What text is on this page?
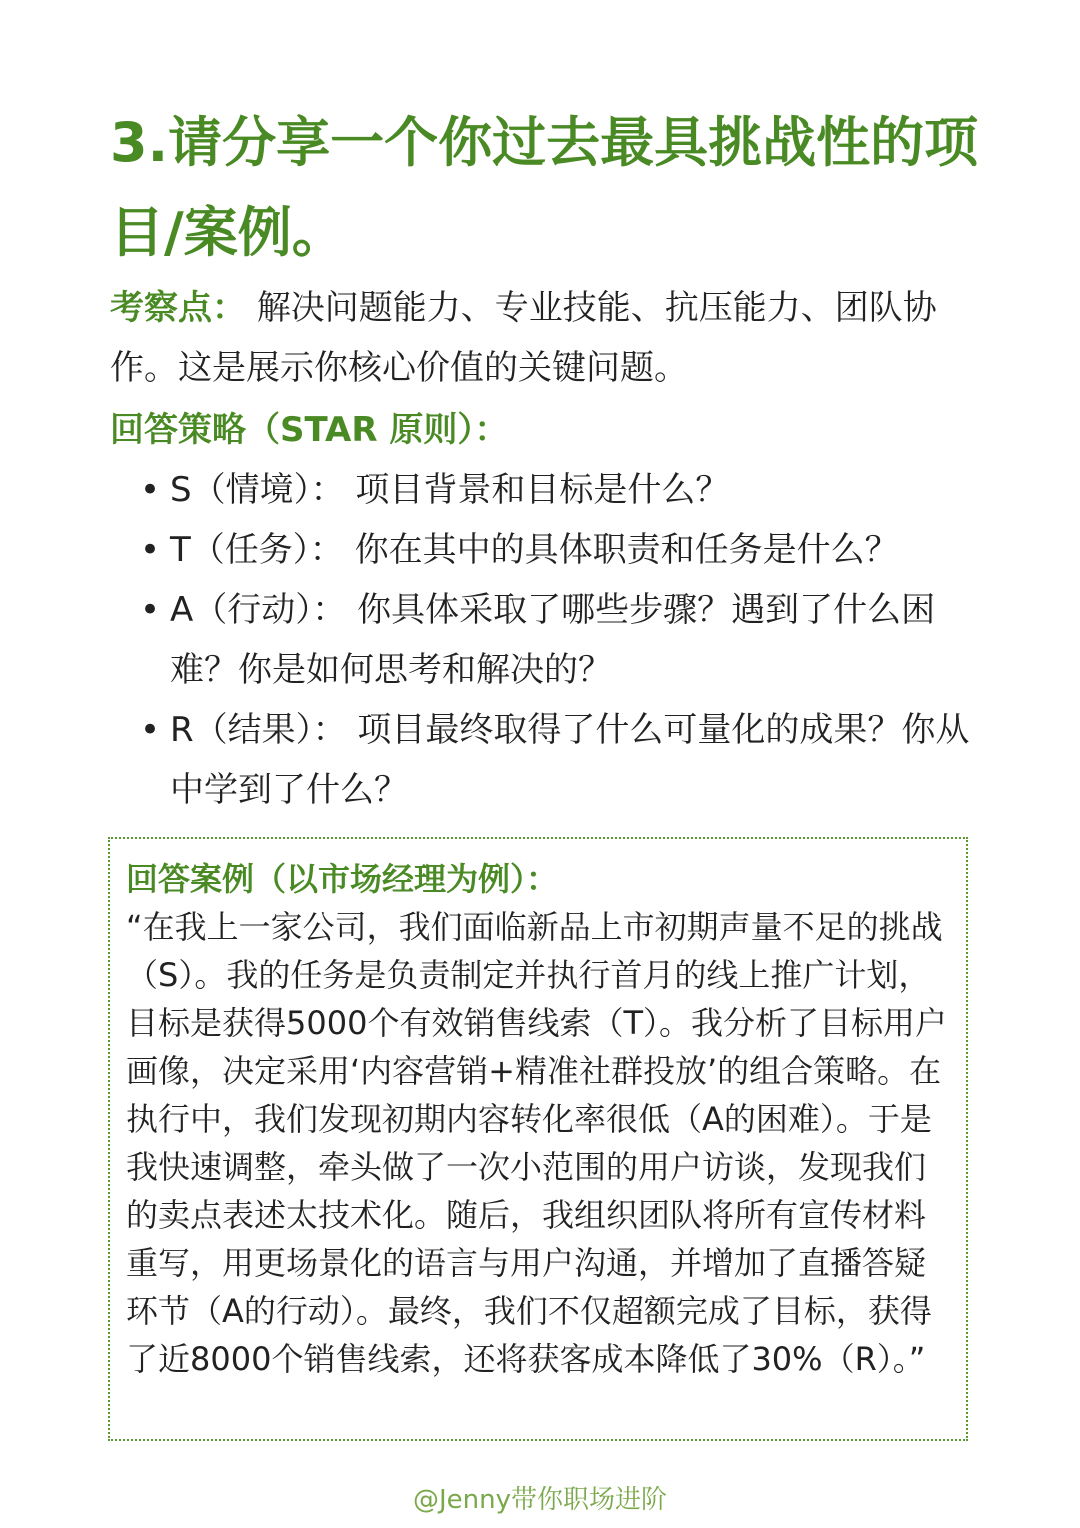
3.请分享一个你过去最具挑战性的项目/案例。

考察点： 解决问题能力、专业技能、抗压能力、团队协作。这是展示你核心价值的关键问题。

回答策略（STAR 原则）：

• S（情境）： 项目背景和目标是什么？
• T（任务）： 你在其中的具体职责和任务是什么？
• A（行动）： 你具体采取了哪些步骤？遇到了什么困难？你是如何思考和解决的？
• R（结果）： 项目最终取得了什么可量化的成果？你从中学到了什么？

回答案例（以市场经理为例）：

“在我上一家公司，我们面临新品上市初期声量不足的挑战（S）。我的任务是负责制定并执行首月的线上推广计划，目标是获得5000个有效销售线索（T）。我分析了目标用户画像，决定采用‘内容营销+精准社群投放’的组合策略。在执行中，我们发现初期内容转化率很低（A的困难）。于是我快速调整，牵头做了一次小范围的用户访谈，发现我们的卖点表述太技术化。随后，我组织团队将所有宣传材料重写，用更场景化的语言与用户沟通，并增加了直播答疑环节（A的行动）。最终，我们不仅超额完成了目标，获得了近8000个销售线索，还将获客成本降低了30%（R）。”

@Jenny带你职场进阶
